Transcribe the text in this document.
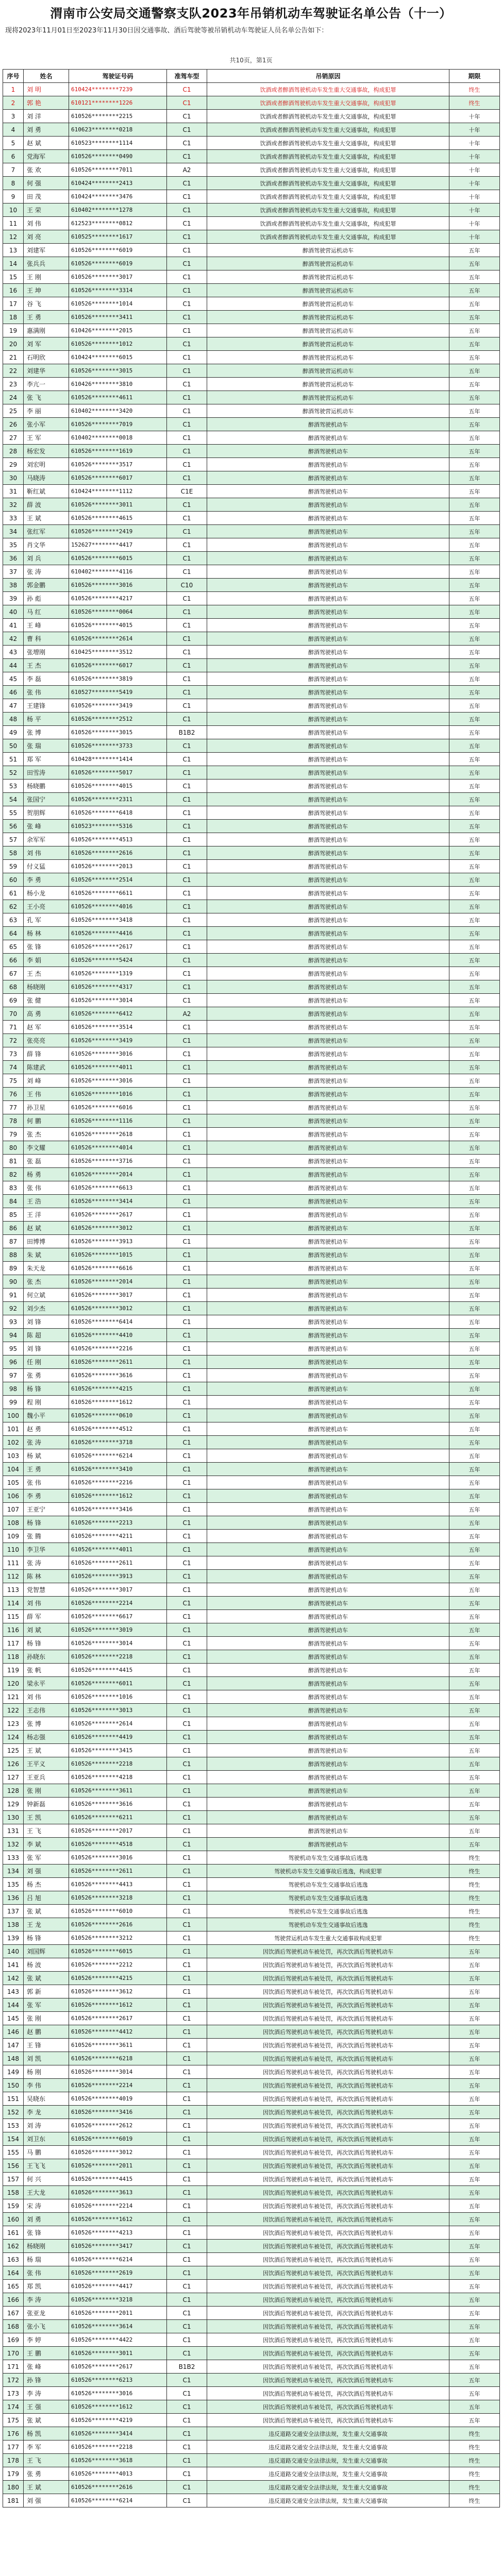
渭南市公安局交通警察支队2023年吊销机动车驾驶证名单公告（十一）
现将2023年11月01日至2023年11月30日因交通事故、酒后驾驶等被吊销机动车驾驶证人员名单公告如下：
共10页，第1页
序号	姓名	驾驶证号码	准驾车型	吊销原因	期限
1	刘 明	610424********7239	C1	饮酒或者醉酒驾驶机动车发生重大交通事故，构成犯罪	终生
2	郭 艳	610121********1226	C1	饮酒或者醉酒驾驶机动车发生重大交通事故，构成犯罪	终生
3	刘 洋	610526********2215	C1	饮酒或者醉酒驾驶机动车发生重大交通事故，构成犯罪	十年
4	刘 勇	610623********0218	C1	饮酒或者醉酒驾驶机动车发生重大交通事故，构成犯罪	十年
5	赵 斌	610523********1114	C1	饮酒或者醉酒驾驶机动车发生重大交通事故，构成犯罪	十年
6	党海军	610526********0490	C1	饮酒或者醉酒驾驶机动车发生重大交通事故，构成犯罪	十年
7	张 欢	610526********7011	A2	饮酒或者醉酒驾驶机动车发生重大交通事故，构成犯罪	十年
8	何 强	610424********2413	C1	饮酒或者醉酒驾驶机动车发生重大交通事故，构成犯罪	十年
9	田 茂	610424********3476	C1	饮酒或者醉酒驾驶机动车发生重大交通事故，构成犯罪	十年
10	王 荣	610402********1278	C1	饮酒或者醉酒驾驶机动车发生重大交通事故，构成犯罪	十年
11	刘 伟	612523********0812	C1	饮酒或者醉酒驾驶机动车发生重大交通事故，构成犯罪	十年
12	刘 亮	610525********1617	C1	饮酒或者醉酒驾驶机动车发生重大交通事故，构成犯罪	十年
13	刘建军	610526********6019	C1	醉酒驾驶营运机动车	五年
14	张兵兵	610526********6019	C1	醉酒驾驶营运机动车	五年
15	王 刚	610526********3017	C1	醉酒驾驶营运机动车	五年
16	王 坤	610526********3314	C1	醉酒驾驶营运机动车	五年
17	谷 飞	610526********1014	C1	醉酒驾驶营运机动车	五年
18	王 勇	610526********3411	C1	醉酒驾驶营运机动车	五年
19	惠满刚	610426********2015	C1	醉酒驾驶营运机动车	五年
20	刘 军	610526********1012	C1	醉酒驾驶营运机动车	五年
21	石明欣	610424********6015	C1	醉酒驾驶营运机动车	五年
22	刘建华	610526********3015	C1	醉酒驾驶营运机动车	五年
23	李亢一	610426********3810	C1	醉酒驾驶营运机动车	五年
24	张 飞	610526********4611	C1	醉酒驾驶营运机动车	五年
25	李 丽	610402********3420	C1	醉酒驾驶营运机动车	五年
26	张小军	610526********7019	C1	醉酒驾驶机动车	五年
27	王 军	610402********0018	C1	醉酒驾驶机动车	五年
28	杨宏发	610526********1619	C1	醉酒驾驶机动车	五年
29	刘宏明	610526********3517	C1	醉酒驾驶机动车	五年
30	马晓涛	610526********6017	C1	醉酒驾驶机动车	五年
31	靳红斌	610424********1112	C1E	醉酒驾驶机动车	五年
32	薛 波	610526********3011	C1	醉酒驾驶机动车	五年
33	王 斌	610526********4615	C1	醉酒驾驶机动车	五年
34	张红军	610526********2419	C1	醉酒驾驶机动车	五年
35	肖文华	152627********4417	C1	醉酒驾驶机动车	五年
36	刘 兵	610526********6015	C1	醉酒驾驶机动车	五年
37	张 涛	610402********4116	C1	醉酒驾驶机动车	五年
38	郭金鹏	610526********3016	C10	醉酒驾驶机动车	五年
39	孙 彪	610526********4217	C1	醉酒驾驶机动车	五年
40	马 红	610526********0064	C1	醉酒驾驶机动车	五年
41	王 峰	610526********4015	C1	醉酒驾驶机动车	五年
42	曹 科	610526********2614	C1	醉酒驾驶机动车	五年
43	张增刚	610425********3512	C1	醉酒驾驶机动车	五年
44	王 杰	610526********6017	C1	醉酒驾驶机动车	五年
45	李 磊	610526********3819	C1	醉酒驾驶机动车	五年
46	张 伟	610527********5419	C1	醉酒驾驶机动车	五年
47	王建锋	610526********3419	C1	醉酒驾驶机动车	五年
48	杨 平	610526********2512	C1	醉酒驾驶机动车	五年
49	张 博	610526********3015	B1B2	醉酒驾驶机动车	五年
50	张 瑞	610526********3733	C1	醉酒驾驶机动车	五年
51	郑 军	610428********1414	C1	醉酒驾驶机动车	五年
52	田雪涛	610526********5017	C1	醉酒驾驶机动车	五年
53	杨晓鹏	610526********4015	C1	醉酒驾驶机动车	五年
54	张国宁	610526********2311	C1	醉酒驾驶机动车	五年
55	贺朋辉	610526********6418	C1	醉酒驾驶机动车	五年
56	张 峰	610523********5316	C1	醉酒驾驶机动车	五年
57	余军军	610526********4513	C1	醉酒驾驶机动车	五年
58	刘 伟	610526********2616	C1	醉酒驾驶机动车	五年
59	付义猛	610526********2013	C1	醉酒驾驶机动车	五年
60	李 勇	610526********2514	C1	醉酒驾驶机动车	五年
61	杨小龙	610526********6611	C1	醉酒驾驶机动车	五年
62	王小亮	610526********4016	C1	醉酒驾驶机动车	五年
63	孔 军	610526********3418	C1	醉酒驾驶机动车	五年
64	杨 林	610526********4416	C1	醉酒驾驶机动车	五年
65	张 锋	610526********2617	C1	醉酒驾驶机动车	五年
66	李 娟	610526********5424	C1	醉酒驾驶机动车	五年
67	王 杰	610526********1319	C1	醉酒驾驶机动车	五年
68	杨晓刚	610526********4317	C1	醉酒驾驶机动车	五年
69	张 健	610526********3014	C1	醉酒驾驶机动车	五年
70	高 勇	610526********6412	A2	醉酒驾驶机动车	五年
71	赵 军	610526********3514	C1	醉酒驾驶机动车	五年
72	张亮亮	610526********3419	C1	醉酒驾驶机动车	五年
73	薛 锋	610526********3016	C1	醉酒驾驶机动车	五年
74	陈建武	610526********4011	C1	醉酒驾驶机动车	五年
75	刘 峰	610526********3016	C1	醉酒驾驶机动车	五年
76	王 伟	610526********1016	C1	醉酒驾驶机动车	五年
77	孙卫星	610526********6016	C1	醉酒驾驶机动车	五年
78	何 鹏	610526********1116	C1	醉酒驾驶机动车	五年
79	张 杰	610526********2618	C1	醉酒驾驶机动车	五年
80	李文耀	610526********4014	C1	醉酒驾驶机动车	五年
81	张 磊	610526********3716	C1	醉酒驾驶机动车	五年
82	杨 勇	610526********2014	C1	醉酒驾驶机动车	五年
83	张 伟	610526********6613	C1	醉酒驾驶机动车	五年
84	王 浩	610526********3414	C1	醉酒驾驶机动车	五年
85	王 洋	610526********2617	C1	醉酒驾驶机动车	五年
86	赵 斌	610526********3012	C1	醉酒驾驶机动车	五年
87	田博博	610526********3913	C1	醉酒驾驶机动车	五年
88	朱 斌	610526********1015	C1	醉酒驾驶机动车	五年
89	朱天龙	610526********6616	C1	醉酒驾驶机动车	五年
90	张 杰	610526********2014	C1	醉酒驾驶机动车	五年
91	何立斌	610526********3017	C1	醉酒驾驶机动车	五年
92	刘少杰	610526********3012	C1	醉酒驾驶机动车	五年
93	刘 锋	610526********6414	C1	醉酒驾驶机动车	五年
94	陈 超	610526********4410	C1	醉酒驾驶机动车	五年
95	刘 锋	610526********2216	C1	醉酒驾驶机动车	五年
96	任 刚	610526********2611	C1	醉酒驾驶机动车	五年
97	张 勇	610526********3616	C1	醉酒驾驶机动车	五年
98	杨 锋	610526********4215	C1	醉酒驾驶机动车	五年
99	程 刚	610526********1612	C1	醉酒驾驶机动车	五年
100	魏小平	610526********0610	C1	醉酒驾驶机动车	五年
101	赵 勇	610526********4512	C1	醉酒驾驶机动车	五年
102	张 涛	610526********3718	C1	醉酒驾驶机动车	五年
103	杨 斌	610526********6214	C1	醉酒驾驶机动车	五年
104	王 勇	610526********3410	C1	醉酒驾驶机动车	五年
105	张 伟	610526********2216	C1	醉酒驾驶机动车	五年
106	李 勇	610526********1612	C1	醉酒驾驶机动车	五年
107	王亚宁	610526********3416	C1	醉酒驾驶机动车	五年
108	杨 锋	610526********2213	C1	醉酒驾驶机动车	五年
109	张 腾	610526********4211	C1	醉酒驾驶机动车	五年
110	李卫华	610526********4011	C1	醉酒驾驶机动车	五年
111	张 涛	610526********2611	C1	醉酒驾驶机动车	五年
112	陈 林	610526********3913	C1	醉酒驾驶机动车	五年
113	党智慧	610526********3017	C1	醉酒驾驶机动车	五年
114	刘 伟	610526********2214	C1	醉酒驾驶机动车	五年
115	薛 军	610526********6617	C1	醉酒驾驶机动车	五年
116	刘 斌	610526********3019	C1	醉酒驾驶机动车	五年
117	杨 锋	610526********3014	C1	醉酒驾驶机动车	五年
118	孙晓东	610526********2218	C1	醉酒驾驶机动车	五年
119	张 帆	610526********4415	C1	醉酒驾驶机动车	五年
120	梁永平	610526********6011	C1	醉酒驾驶机动车	五年
121	刘 伟	610526********1016	C1	醉酒驾驶机动车	五年
122	王志伟	610526********3013	C1	醉酒驾驶机动车	五年
123	张 博	610526********2614	C1	醉酒驾驶机动车	五年
124	杨志强	610526********4419	C1	醉酒驾驶机动车	五年
125	王 斌	610526********3415	C1	醉酒驾驶机动车	五年
126	王平义	610526********2218	C1	醉酒驾驶机动车	五年
127	王亚兵	610526********4218	C1	醉酒驾驶机动车	五年
128	张 刚	610526********3611	C1	醉酒驾驶机动车	五年
129	钟新磊	610526********3616	C1	醉酒驾驶机动车	五年
130	王 凯	610526********6211	C1	醉酒驾驶机动车	五年
131	王 飞	610526********2017	C1	醉酒驾驶机动车	五年
132	李 斌	610526********4518	C1	醉酒驾驶机动车	五年
133	张 军	610526********3016	C1	驾驶机动车发生交通事故后逃逸	终生
134	刘 强	610526********2611	C1	驾驶机动车发生交通事故后逃逸，构成犯罪	终生
135	杨 杰	610526********4413	C1	驾驶机动车发生交通事故后逃逸	终生
136	吕 旭	610526********3218	C1	驾驶机动车发生交通事故后逃逸	终生
137	张 斌	610526********6010	C1	驾驶机动车发生交通事故后逃逸	终生
138	王 龙	610526********2616	C1	驾驶机动车发生交通事故后逃逸	终生
139	杨 锋	610526********3212	C1	驾驶营运机动车发生重大交通事故构成犯罪	终生
140	刘国辉	610526********6015	C1	因饮酒后驾驶机动车被处罚，再次饮酒后驾驶机动车	五年
141	杨 波	610526********2212	C1	因饮酒后驾驶机动车被处罚，再次饮酒后驾驶机动车	五年
142	张 斌	610526********4215	C1	因饮酒后驾驶机动车被处罚，再次饮酒后驾驶机动车	五年
143	郭 新	610526********3612	C1	因饮酒后驾驶机动车被处罚，再次饮酒后驾驶机动车	五年
144	张 军	610526********1612	C1	因饮酒后驾驶机动车被处罚，再次饮酒后驾驶机动车	五年
145	张 刚	610526********2617	C1	因饮酒后驾驶机动车被处罚，再次饮酒后驾驶机动车	五年
146	赵 鹏	610526********4412	C1	因饮酒后驾驶机动车被处罚，再次饮酒后驾驶机动车	五年
147	王 锋	610526********3611	C1	因饮酒后驾驶机动车被处罚，再次饮酒后驾驶机动车	五年
148	刘 凯	610526********6218	C1	因饮酒后驾驶机动车被处罚，再次饮酒后驾驶机动车	五年
149	杨 刚	610526********3014	C1	因饮酒后驾驶机动车被处罚，再次饮酒后驾驶机动车	五年
150	李 伟	610526********2214	C1	因饮酒后驾驶机动车被处罚，再次饮酒后驾驶机动车	五年
151	吴晓东	610526********4019	C1	因饮酒后驾驶机动车被处罚，再次饮酒后驾驶机动车	五年
152	李 龙	610526********3416	C1	因饮酒后驾驶机动车被处罚，再次饮酒后驾驶机动车	五年
153	刘 涛	610526********2612	C1	因饮酒后驾驶机动车被处罚，再次饮酒后驾驶机动车	五年
154	刘卫东	610526********6019	C1	因饮酒后驾驶机动车被处罚，再次饮酒后驾驶机动车	五年
155	马 鹏	610526********3012	C1	因饮酒后驾驶机动车被处罚，再次饮酒后驾驶机动车	五年
156	王飞飞	610526********2011	C1	因饮酒后驾驶机动车被处罚，再次饮酒后驾驶机动车	五年
157	何 兴	610526********4415	C1	因饮酒后驾驶机动车被处罚，再次饮酒后驾驶机动车	五年
158	王大龙	610526********3613	C1	因饮酒后驾驶机动车被处罚，再次饮酒后驾驶机动车	五年
159	宋 涛	610526********2214	C1	因饮酒后驾驶机动车被处罚，再次饮酒后驾驶机动车	五年
160	刘 勇	610526********1612	C1	因饮酒后驾驶机动车被处罚，再次饮酒后驾驶机动车	五年
161	张 锋	610526********4213	C1	因饮酒后驾驶机动车被处罚，再次饮酒后驾驶机动车	五年
162	杨晓刚	610526********3417	C1	因饮酒后驾驶机动车被处罚，再次饮酒后驾驶机动车	五年
163	杨 瑞	610526********6214	C1	因饮酒后驾驶机动车被处罚，再次饮酒后驾驶机动车	五年
164	张 伟	610526********2619	C1	因饮酒后驾驶机动车被处罚，再次饮酒后驾驶机动车	五年
165	郑 凯	610526********4417	C1	因饮酒后驾驶机动车被处罚，再次饮酒后驾驶机动车	五年
166	李 涛	610526********3218	C1	因饮酒后驾驶机动车被处罚，再次饮酒后驾驶机动车	五年
167	张亚龙	610526********2011	C1	因饮酒后驾驶机动车被处罚，再次饮酒后驾驶机动车	五年
168	张小飞	610526********3614	C1	因饮酒后驾驶机动车被处罚，再次饮酒后驾驶机动车	五年
169	李 婷	610526********4422	C1	因饮酒后驾驶机动车被处罚，再次饮酒后驾驶机动车	五年
170	王 鹏	610526********3011	C1	因饮酒后驾驶机动车被处罚，再次饮酒后驾驶机动车	五年
171	张 峰	610526********2617	B1B2	因饮酒后驾驶机动车被处罚，再次饮酒后驾驶机动车	五年
172	孙 锋	610526********6213	C1	因饮酒后驾驶机动车被处罚，再次饮酒后驾驶机动车	五年
173	李 涛	610526********3016	C1	因饮酒后驾驶机动车被处罚，再次饮酒后驾驶机动车	五年
174	王 强	610526********1612	C1	因饮酒后驾驶机动车被处罚，再次饮酒后驾驶机动车	五年
175	张 斌	610526********4219	C1	因饮酒后驾驶机动车被处罚，再次饮酒后驾驶机动车	五年
176	杨 凯	610526********3414	C1	违反道路交通安全法律法规，发生重大交通事故	终生
177	李 军	610526********2218	C1	违反道路交通安全法律法规，发生重大交通事故	终生
178	王 飞	610526********3618	C1	违反道路交通安全法律法规，发生重大交通事故	终生
179	张 勇	610526********4013	C1	违反道路交通安全法律法规，发生重大交通事故	终生
180	王 斌	610526********2616	C1	违反道路交通安全法律法规，发生重大交通事故	终生
181	刘 强	610526********6214	C1	违反道路交通安全法律法规，发生重大交通事故	终生
